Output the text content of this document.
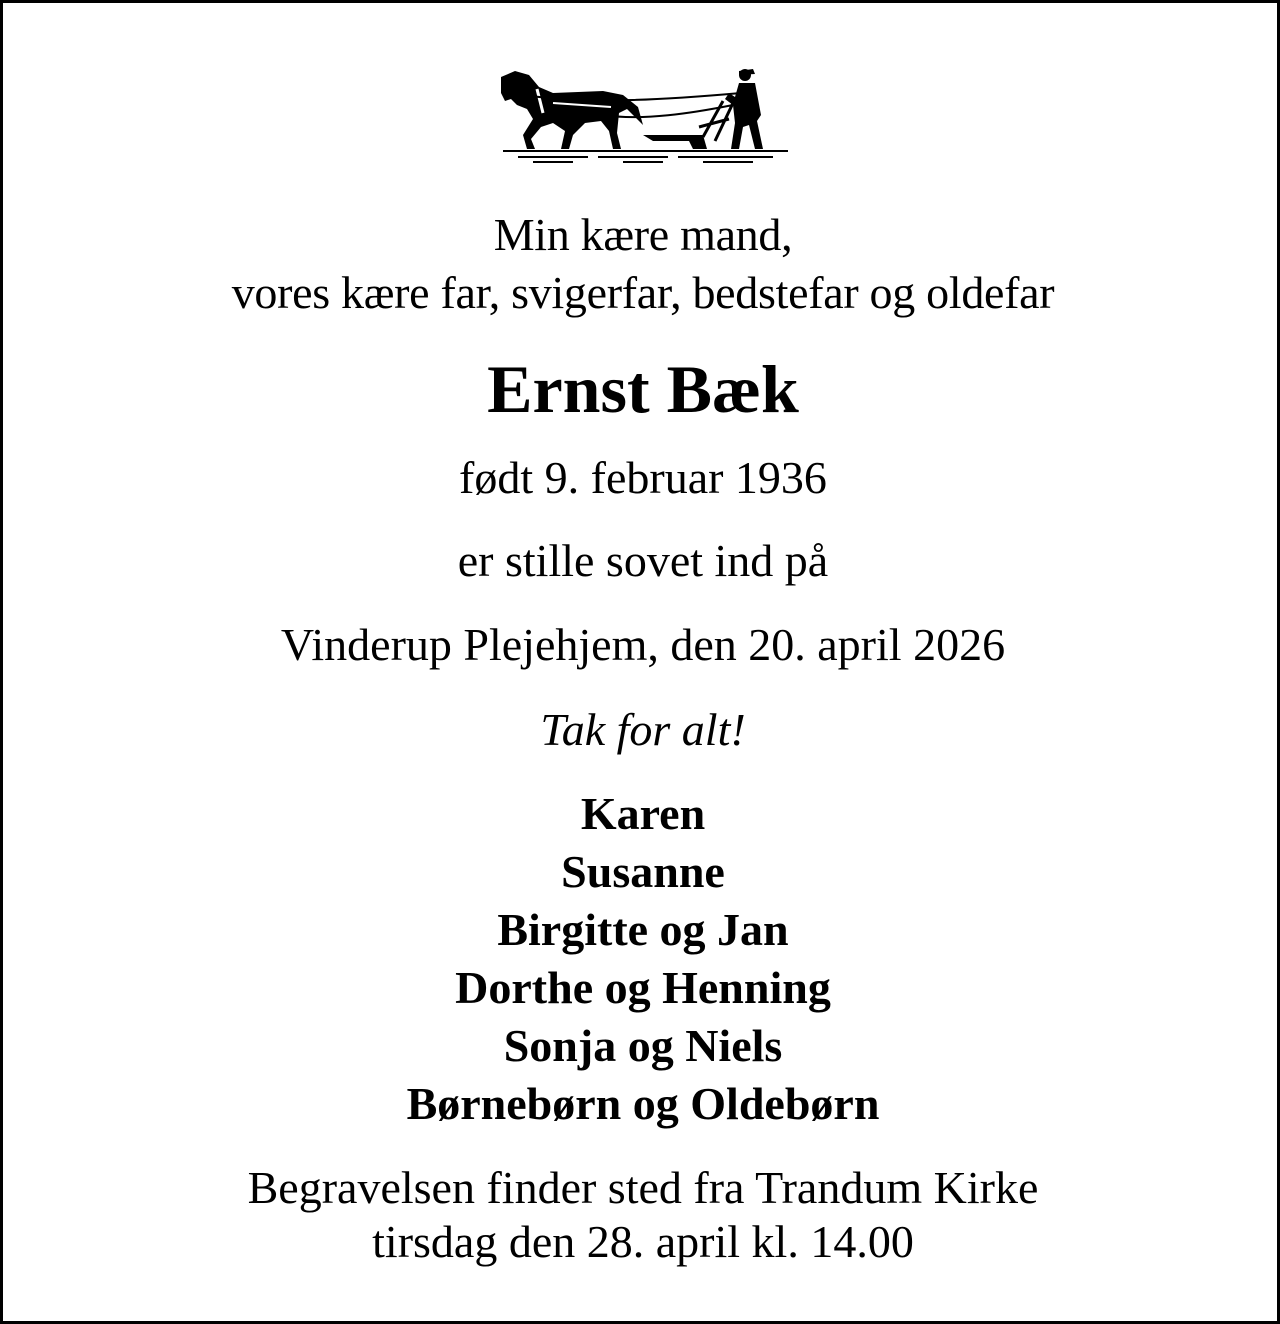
Min kære mand,
vores kære far, svigerfar, bedstefar og oldefar
Ernst Bæk
født 9. februar 1936
er stille sovet ind på
Vinderup Plejehjem, den 20. april 2026
Tak for alt!
Karen
Susanne
Birgitte og Jan
Dorthe og Henning
Sonja og Niels
Børnebørn og Oldebørn
Begravelsen finder sted fra Trandum Kirke
tirsdag den 28. april kl. 14.00
